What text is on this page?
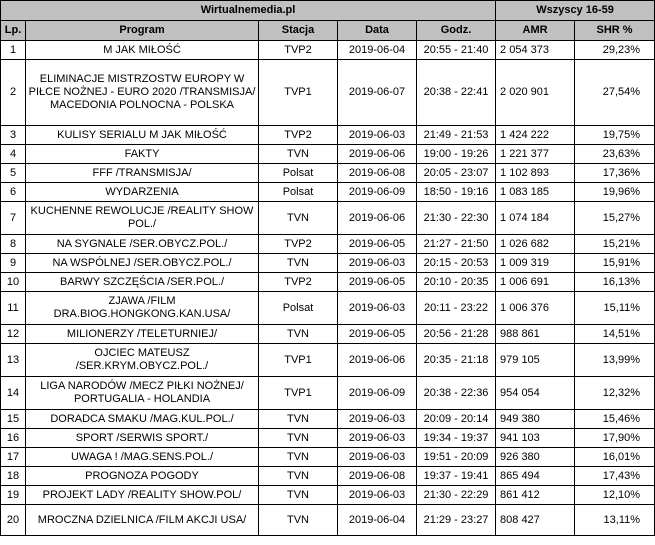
Wirtualnemedia.pl					Wszyscy 16-59	
Lp.	Program	Stacja	Data	Godz.	AMR	SHR %
1	M JAK MIŁOŚĆ	TVP2	2019-06-04	20:55 - 21:40	2 054 373	29,23%
2	ELIMINACJE MISTRZOSTW EUROPY W PIŁCE NOŻNEJ - EURO 2020 /TRANSMISJA/ MACEDONIA POLNOCNA - POLSKA	TVP1	2019-06-07	20:38 - 22:41	2 020 901	27,54%
3	KULISY SERIALU M JAK MIŁOŚĆ	TVP2	2019-06-03	21:49 - 21:53	1 424 222	19,75%
4	FAKTY	TVN	2019-06-06	19:00 - 19:26	1 221 377	23,63%
5	FFF /TRANSMISJA/	Polsat	2019-06-08	20:05 - 23:07	1 102 893	17,36%
6	WYDARZENIA	Polsat	2019-06-09	18:50 - 19:16	1 083 185	19,96%
7	KUCHENNE REWOLUCJE /REALITY SHOW POL./	TVN	2019-06-06	21:30 - 22:30	1 074 184	15,27%
8	NA SYGNALE /SER.OBYCZ.POL./	TVP2	2019-06-05	21:27 - 21:50	1 026 682	15,21%
9	NA WSPÓLNEJ /SER.OBYCZ.POL./	TVN	2019-06-03	20:15 - 20:53	1 009 319	15,91%
10	BARWY SZCZĘŚCIA /SER.POL./	TVP2	2019-06-05	20:10 - 20:35	1 006 691	16,13%
11	ZJAWA /FILM DRA.BIOG.HONGKONG.KAN.USA/	Polsat	2019-06-03	20:11 - 23:22	1 006 376	15,11%
12	MILIONERZY /TELETURNIEJ/	TVN	2019-06-05	20:56 - 21:28	988 861	14,51%
13	OJCIEC MATEUSZ /SER.KRYM.OBYCZ.POL./	TVP1	2019-06-06	20:35 - 21:18	979 105	13,99%
14	LIGA NARODÓW /MECZ PIŁKI NOŻNEJ/ PORTUGALIA - HOLANDIA	TVP1	2019-06-09	20:38 - 22:36	954 054	12,32%
15	DORADCA SMAKU /MAG.KUL.POL./	TVN	2019-06-03	20:09 - 20:14	949 380	15,46%
16	SPORT /SERWIS SPORT./	TVN	2019-06-03	19:34 - 19:37	941 103	17,90%
17	UWAGA ! /MAG.SENS.POL./	TVN	2019-06-03	19:51 - 20:09	926 380	16,01%
18	PROGNOZA POGODY	TVN	2019-06-08	19:37 - 19:41	865 494	17,43%
19	PROJEKT LADY /REALITY SHOW.POL/	TVN	2019-06-03	21:30 - 22:29	861 412	12,10%
20	MROCZNA DZIELNICA /FILM AKCJI USA/	TVN	2019-06-04	21:29 - 23:27	808 427	13,11%
